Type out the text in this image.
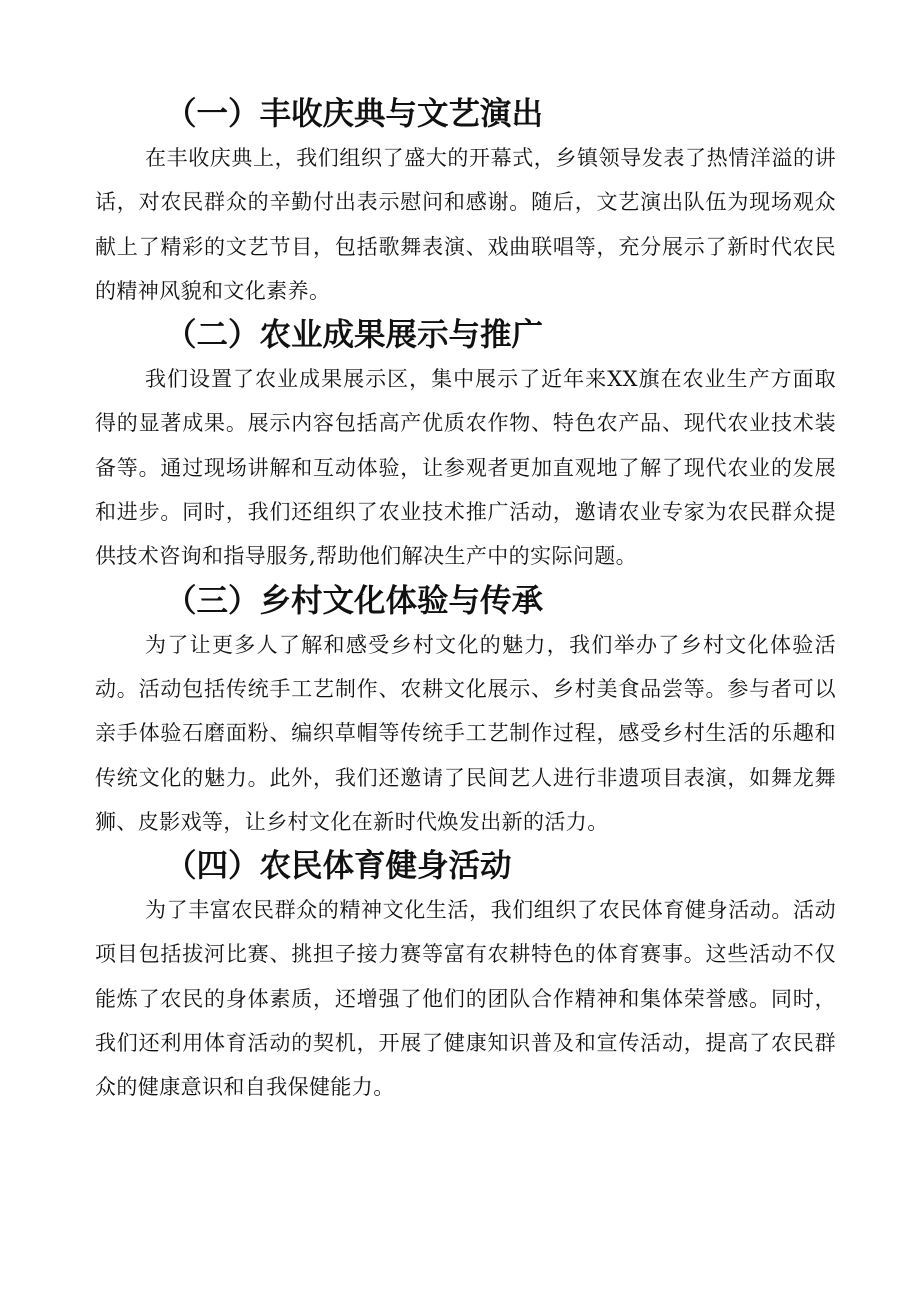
（一）丰收庆典与文艺演出

在丰收庆典上，我们组织了盛大的开幕式，乡镇领导发表了热情洋溢的讲话，对农民群众的辛勤付出表示慰问和感谢。随后，文艺演出队伍为现场观众献上了精彩的文艺节目，包括歌舞表演、戏曲联唱等，充分展示了新时代农民的精神风貌和文化素养。

（二）农业成果展示与推广

我们设置了农业成果展示区，集中展示了近年来XX旗在农业生产方面取得的显著成果。展示内容包括高产优质农作物、特色农产品、现代农业技术装备等。通过现场讲解和互动体验，让参观者更加直观地了解了现代农业的发展和进步。同时，我们还组织了农业技术推广活动，邀请农业专家为农民群众提供技术咨询和指导服务,帮助他们解决生产中的实际问题。

（三）乡村文化体验与传承

为了让更多人了解和感受乡村文化的魅力，我们举办了乡村文化体验活动。活动包括传统手工艺制作、农耕文化展示、乡村美食品尝等。参与者可以亲手体验石磨面粉、编织草帽等传统手工艺制作过程，感受乡村生活的乐趣和传统文化的魅力。此外，我们还邀请了民间艺人进行非遗项目表演，如舞龙舞狮、皮影戏等，让乡村文化在新时代焕发出新的活力。

（四）农民体育健身活动

为了丰富农民群众的精神文化生活，我们组织了农民体育健身活动。活动项目包括拔河比赛、挑担子接力赛等富有农耕特色的体育赛事。这些活动不仅能炼了农民的身体素质，还增强了他们的团队合作精神和集体荣誉感。同时，我们还利用体育活动的契机，开展了健康知识普及和宣传活动，提高了农民群众的健康意识和自我保健能力。
